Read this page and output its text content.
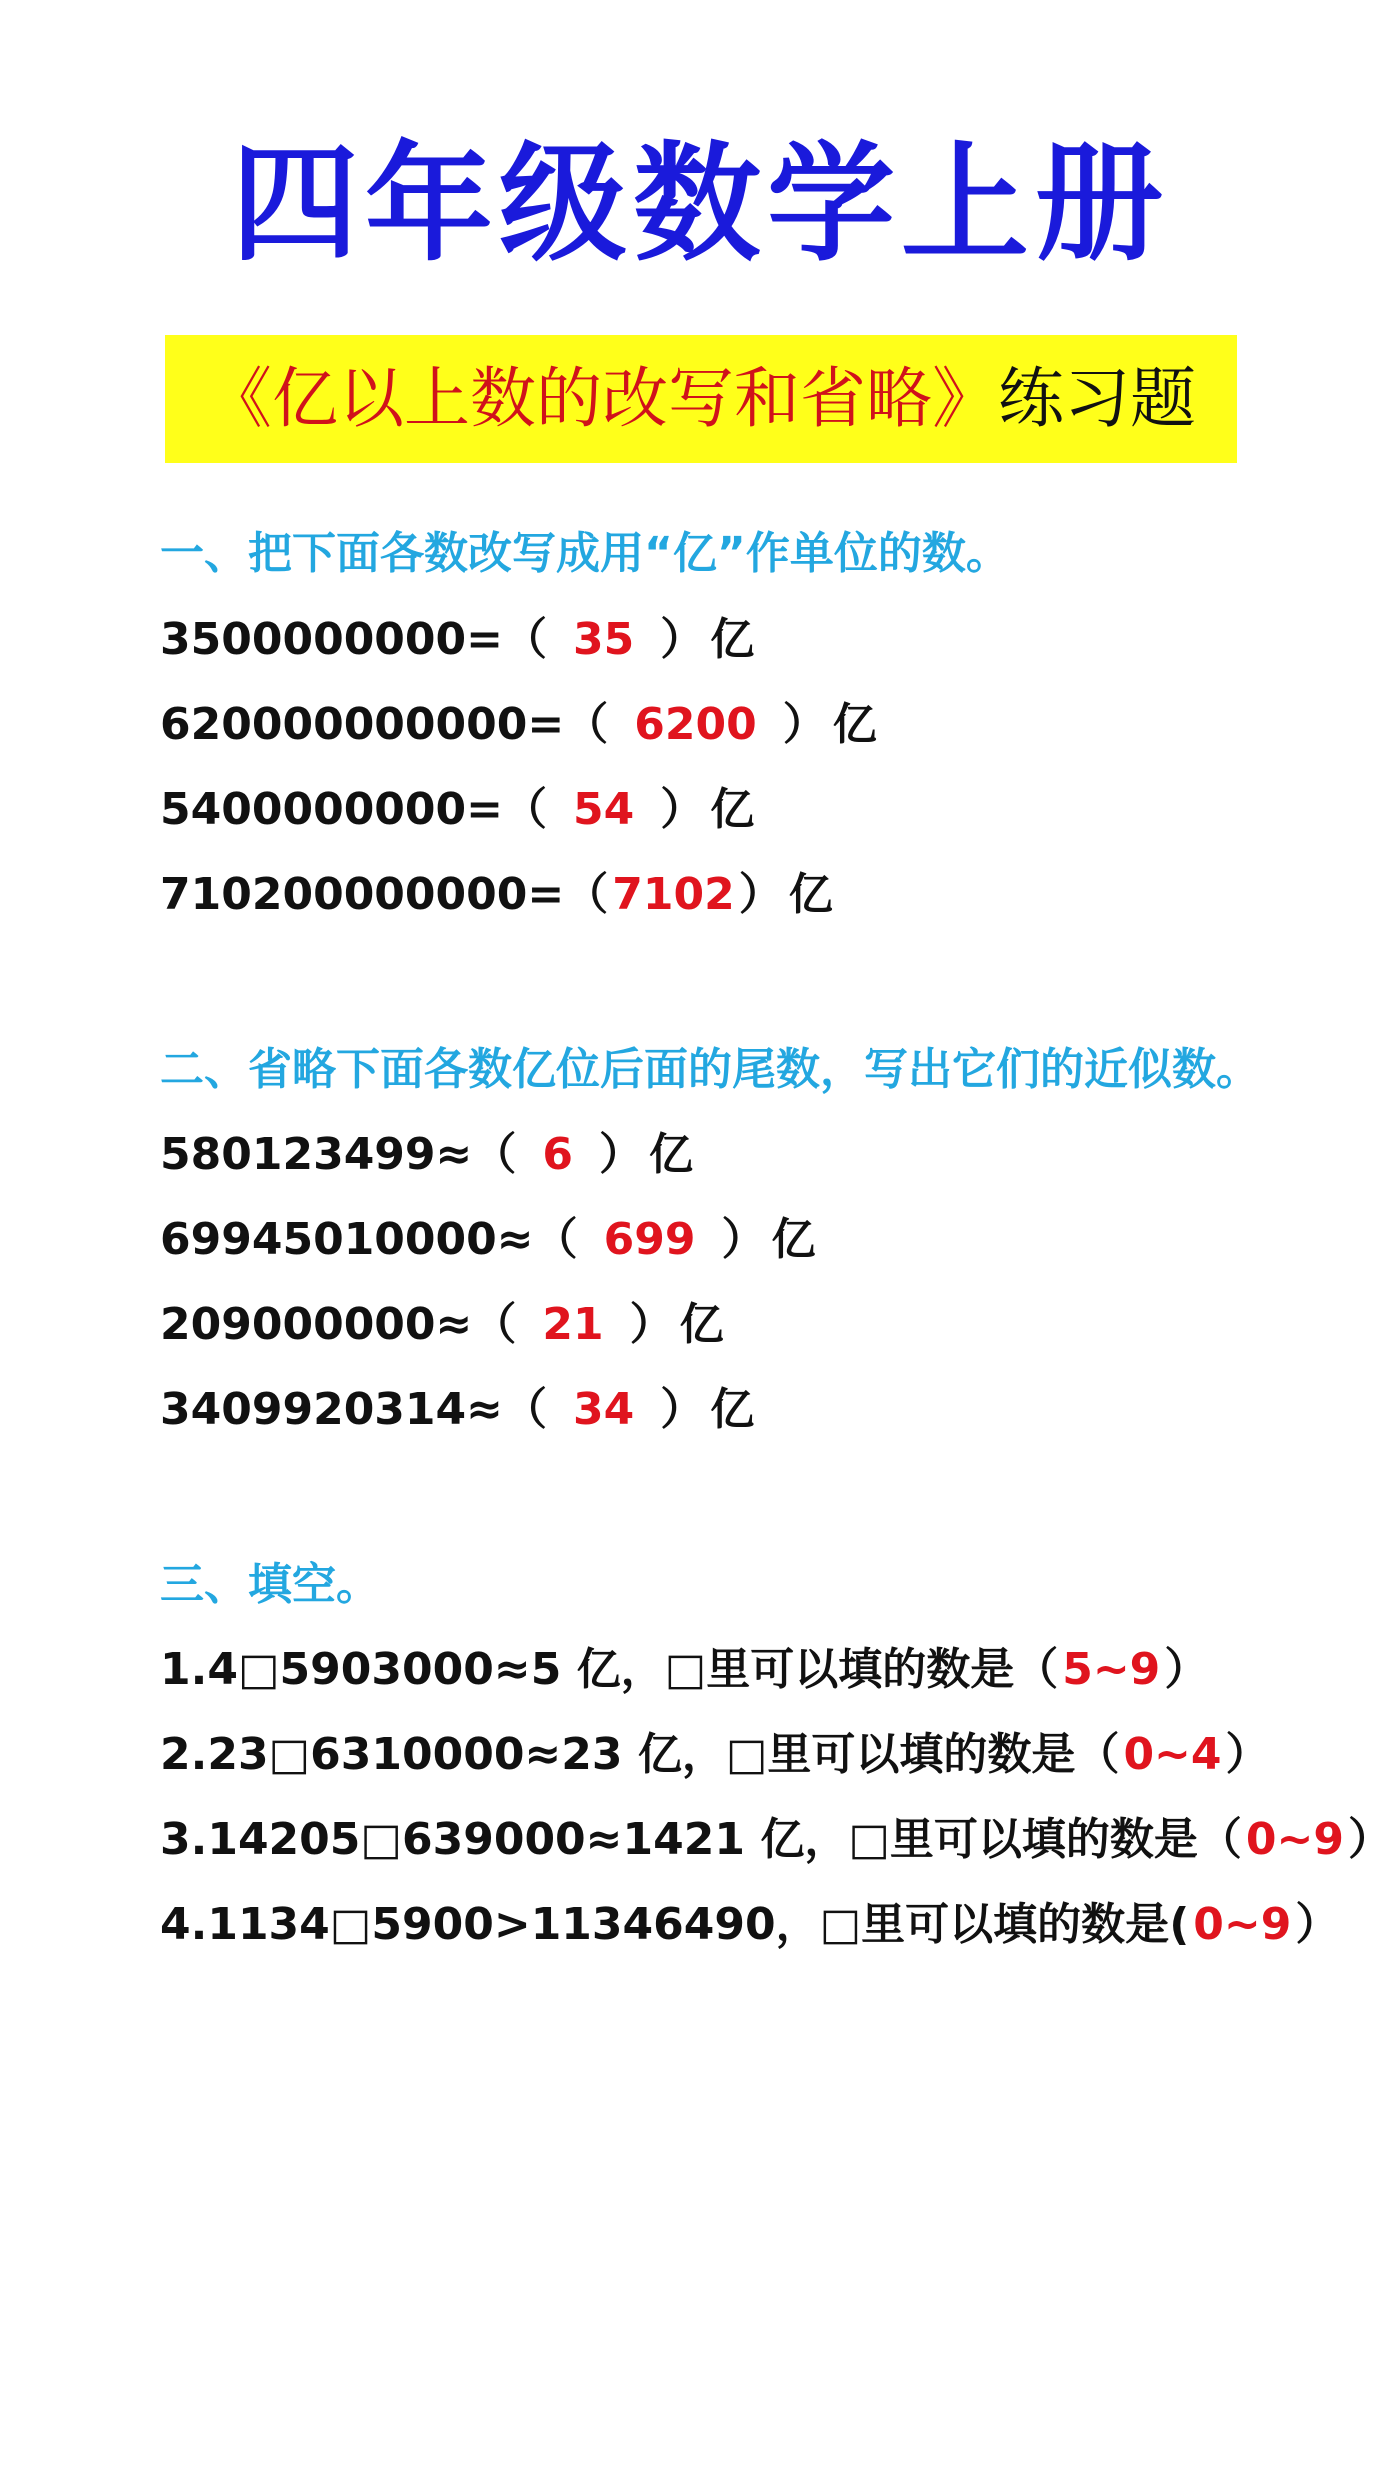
四年级数学上册
《亿以上数的改写和省略》练习题
一、把下面各数改写成用“亿”作单位的数。
3500000000=（ 35 ） 亿
620000000000=（ 6200 ） 亿
5400000000=（ 54 ） 亿
710200000000=（7102） 亿
二、省略下面各数亿位后面的尾数，写出它们的近似数。
580123499≈（ 6 ） 亿
69945010000≈（ 699 ） 亿
209000000≈（ 21 ） 亿
3409920314≈（ 34 ） 亿
三、填空。
1.4□5903000≈5 亿，□里可以填的数是（5~9）
2.23□6310000≈23 亿，□里可以填的数是（0~4）
3.14205□639000≈1421 亿，□里可以填的数是（0~9）
4.1134□5900>11346490，□里可以填的数是(0~9）
